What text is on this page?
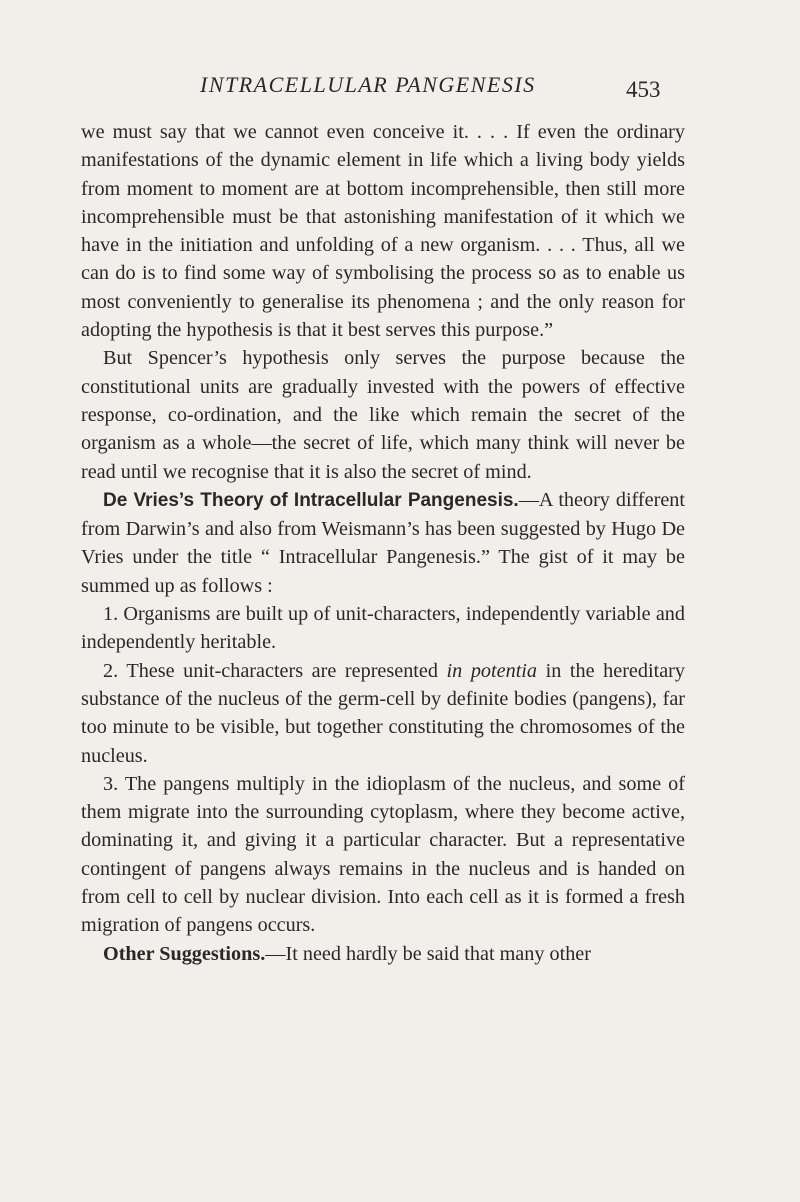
INTRACELLULAR PANGENESIS	453

we must say that we cannot even conceive it. . . . If even the ordinary manifestations of the dynamic element in life which a living body yields from moment to moment are at bottom incomprehensible, then still more incomprehensible must be that astonishing manifestation of it which we have in the initiation and unfolding of a new organism. . . . Thus, all we can do is to find some way of symbolising the process so as to enable us most conveniently to generalise its phenomena ; and the only reason for adopting the hypothesis is that it best serves this purpose.”

But Spencer’s hypothesis only serves the purpose because the constitutional units are gradually invested with the powers of effective response, co-ordination, and the like which remain the secret of the organism as a whole—the secret of life, which many think will never be read until we recognise that it is also the secret of mind.

De Vries’s Theory of Intracellular Pangenesis.—A theory different from Darwin’s and also from Weismann’s has been suggested by Hugo De Vries under the title “ Intracellular Pangenesis.” The gist of it may be summed up as follows :

1. Organisms are built up of unit-characters, independently variable and independently heritable.

2. These unit-characters are represented in potentia in the hereditary substance of the nucleus of the germ-cell by definite bodies (pangens), far too minute to be visible, but together constituting the chromosomes of the nucleus.

3. The pangens multiply in the idioplasm of the nucleus, and some of them migrate into the surrounding cytoplasm, where they become active, dominating it, and giving it a particular character. But a representative contingent of pangens always remains in the nucleus and is handed on from cell to cell by nuclear division. Into each cell as it is formed a fresh migration of pangens occurs.

Other Suggestions.—It need hardly be said that many other
